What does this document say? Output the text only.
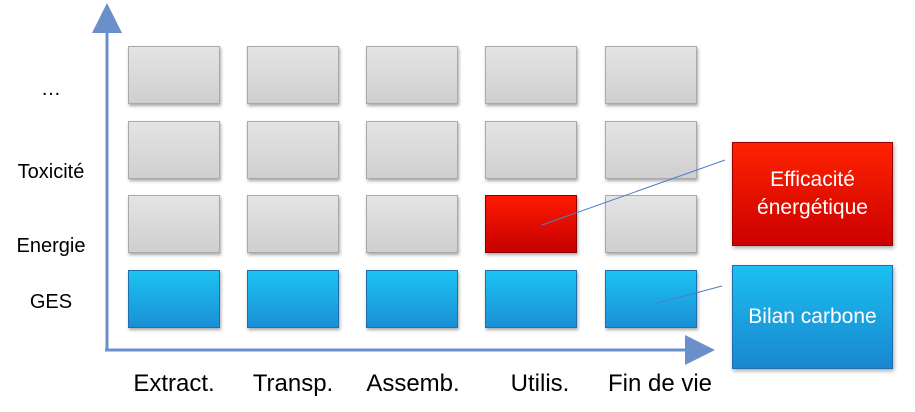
…
Toxicité
Energie
GES
Extract.	Transp.	Assemb.	Utilis.	Fin de vie
Efficacité énergétique
Bilan carbone
